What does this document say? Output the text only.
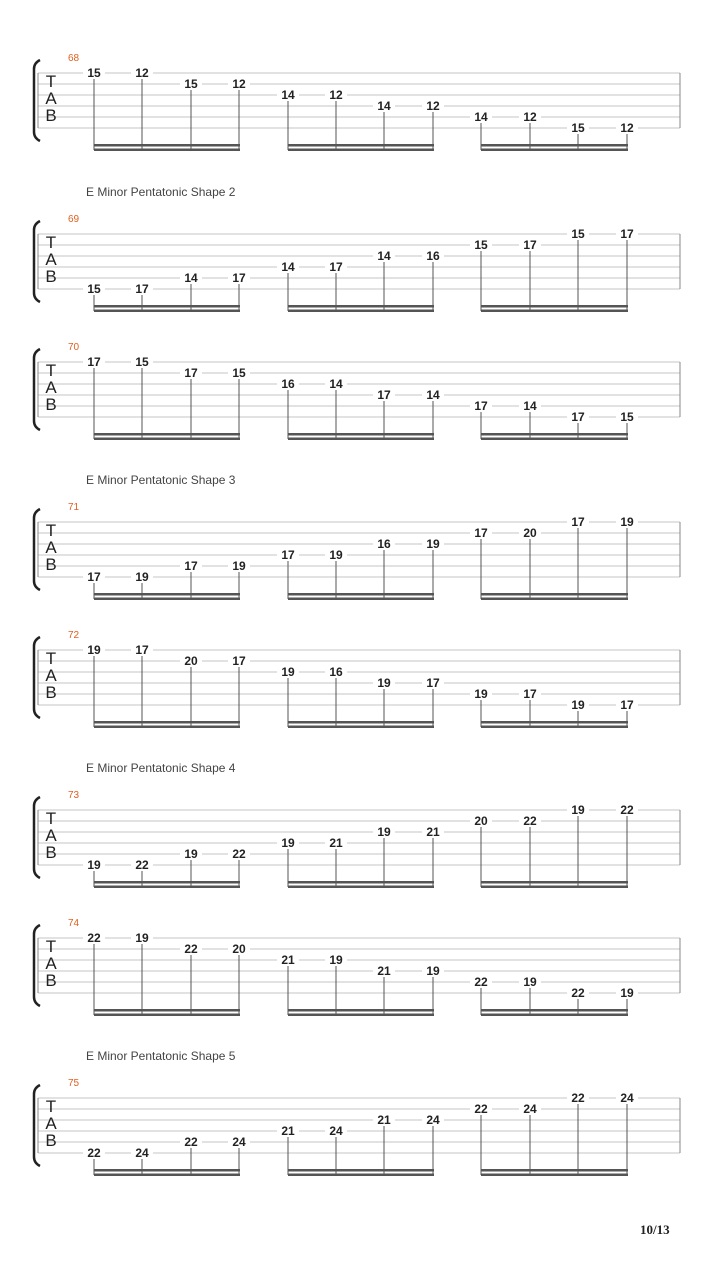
68
T
A
B
15	12
15	12
14	12
14	12
14	12
15	12
E Minor Pentatonic Shape 2
69
T
A
B
15	17
14	17
14	17
14	16
15	17
15	17
70
T
A
B
17	15
17	15
16	14
17	14
17	14
17	15
E Minor Pentatonic Shape 3
71
T
A
B
17	19
17	19
17	19
16	19
17	20
17	19
72
T
A
B
19	17
20	17
19	16
19	17
19	17
19	17
E Minor Pentatonic Shape 4
73
T
A
B
19	22
19	22
19	21
19	21
20	22
19	22
74
T
A
B
22	19
22	20
21	19
21	19
22	19
22	19
E Minor Pentatonic Shape 5
75
T
A
B
22	24
22	24
21	24
21	24
22	24
22	24
10/13
